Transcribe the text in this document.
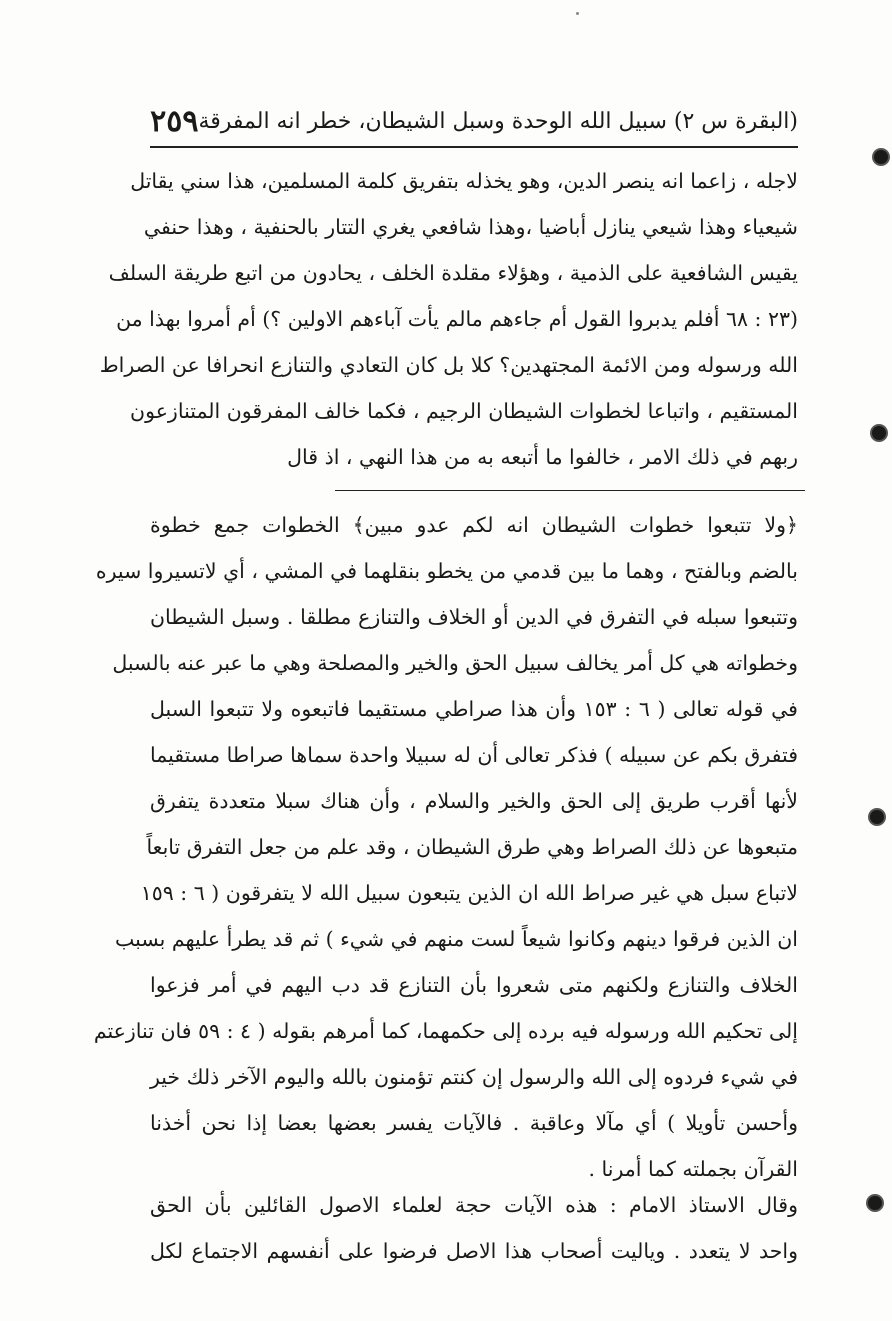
(البقرة س ٢) سبيل الله الوحدة وسبل الشيطان، خطر انه المفرقة
٢٥٩
لاجله ، زاعما انه ينصر الدين، وهو يخذله بتفريق كلمة المسلمين، هذا سني يقاتل
شيعياء وهذا شيعي ينازل أباضيا ،وهذا شافعي يغري التتار بالحنفية ، وهذا حنفي
يقيس الشافعية على الذمية ، وهؤلاء مقلدة الخلف ، يحادون من اتبع طريقة السلف
(٢٣ : ٦٨ أفلم يدبروا القول أم جاءهم مالم يأت آباءهم الاولين ؟) أم أمروا بهذا من
الله ورسوله ومن الائمة المجتهدين؟ كلا بل كان التعادي والتنازع انحرافا عن الصراط
المستقيم ، واتباعا لخطوات الشيطان الرجيم ، فكما خالف المفرقون المتنازعون
ربهم في ذلك الامر ، خالفوا ما أتبعه به من هذا النهي ، اذ قال
﴿ولا تتبعوا خطوات الشيطان انه لكم عدو مبين﴾ الخطوات جمع خطوة
بالضم وبالفتح ، وهما ما بين قدمي من يخطو بنقلهما في المشي ، أي لاتسيروا سيره
وتتبعوا سبله في التفرق في الدين أو الخلاف والتنازع مطلقا . وسبل الشيطان
وخطواته هي كل أمر يخالف سبيل الحق والخير والمصلحة وهي ما عبر عنه بالسبل
في قوله تعالى ( ٦ : ١٥٣ وأن هذا صراطي مستقيما فاتبعوه ولا تتبعوا السبل
فتفرق بكم عن سبيله ) فذكر تعالى أن له سبيلا واحدة سماها صراطا مستقيما
لأنها أقرب طريق إلى الحق والخير والسلام ، وأن هناك سبلا متعددة يتفرق
متبعوها عن ذلك الصراط وهي طرق الشيطان ، وقد علم من جعل التفرق تابعاً
لاتباع سبل هي غير صراط الله ان الذين يتبعون سبيل الله لا يتفرقون ( ٦ : ١٥٩
ان الذين فرقوا دينهم وكانوا شيعاً لست منهم في شيء ) ثم قد يطرأ عليهم بسبب
الخلاف والتنازع ولكنهم متى شعروا بأن التنازع قد دب اليهم في أمر فزعوا
إلى تحكيم الله ورسوله فيه برده إلى حكمهما، كما أمرهم بقوله ( ٤ : ٥٩ فان تنازعتم
في شيء فردوه إلى الله والرسول إن كنتم تؤمنون بالله واليوم الآخر ذلك خير
وأحسن تأويلا ) أي مآلا وعاقبة . فالآيات يفسر بعضها بعضا إذا نحن أخذنا
القرآن بجملته كما أمرنا .
وقال الاستاذ الامام : هذه الآيات حجة لعلماء الاصول القائلين بأن الحق
واحد لا يتعدد . وياليت أصحاب هذا الاصل فرضوا على أنفسهم الاجتماع لكل
